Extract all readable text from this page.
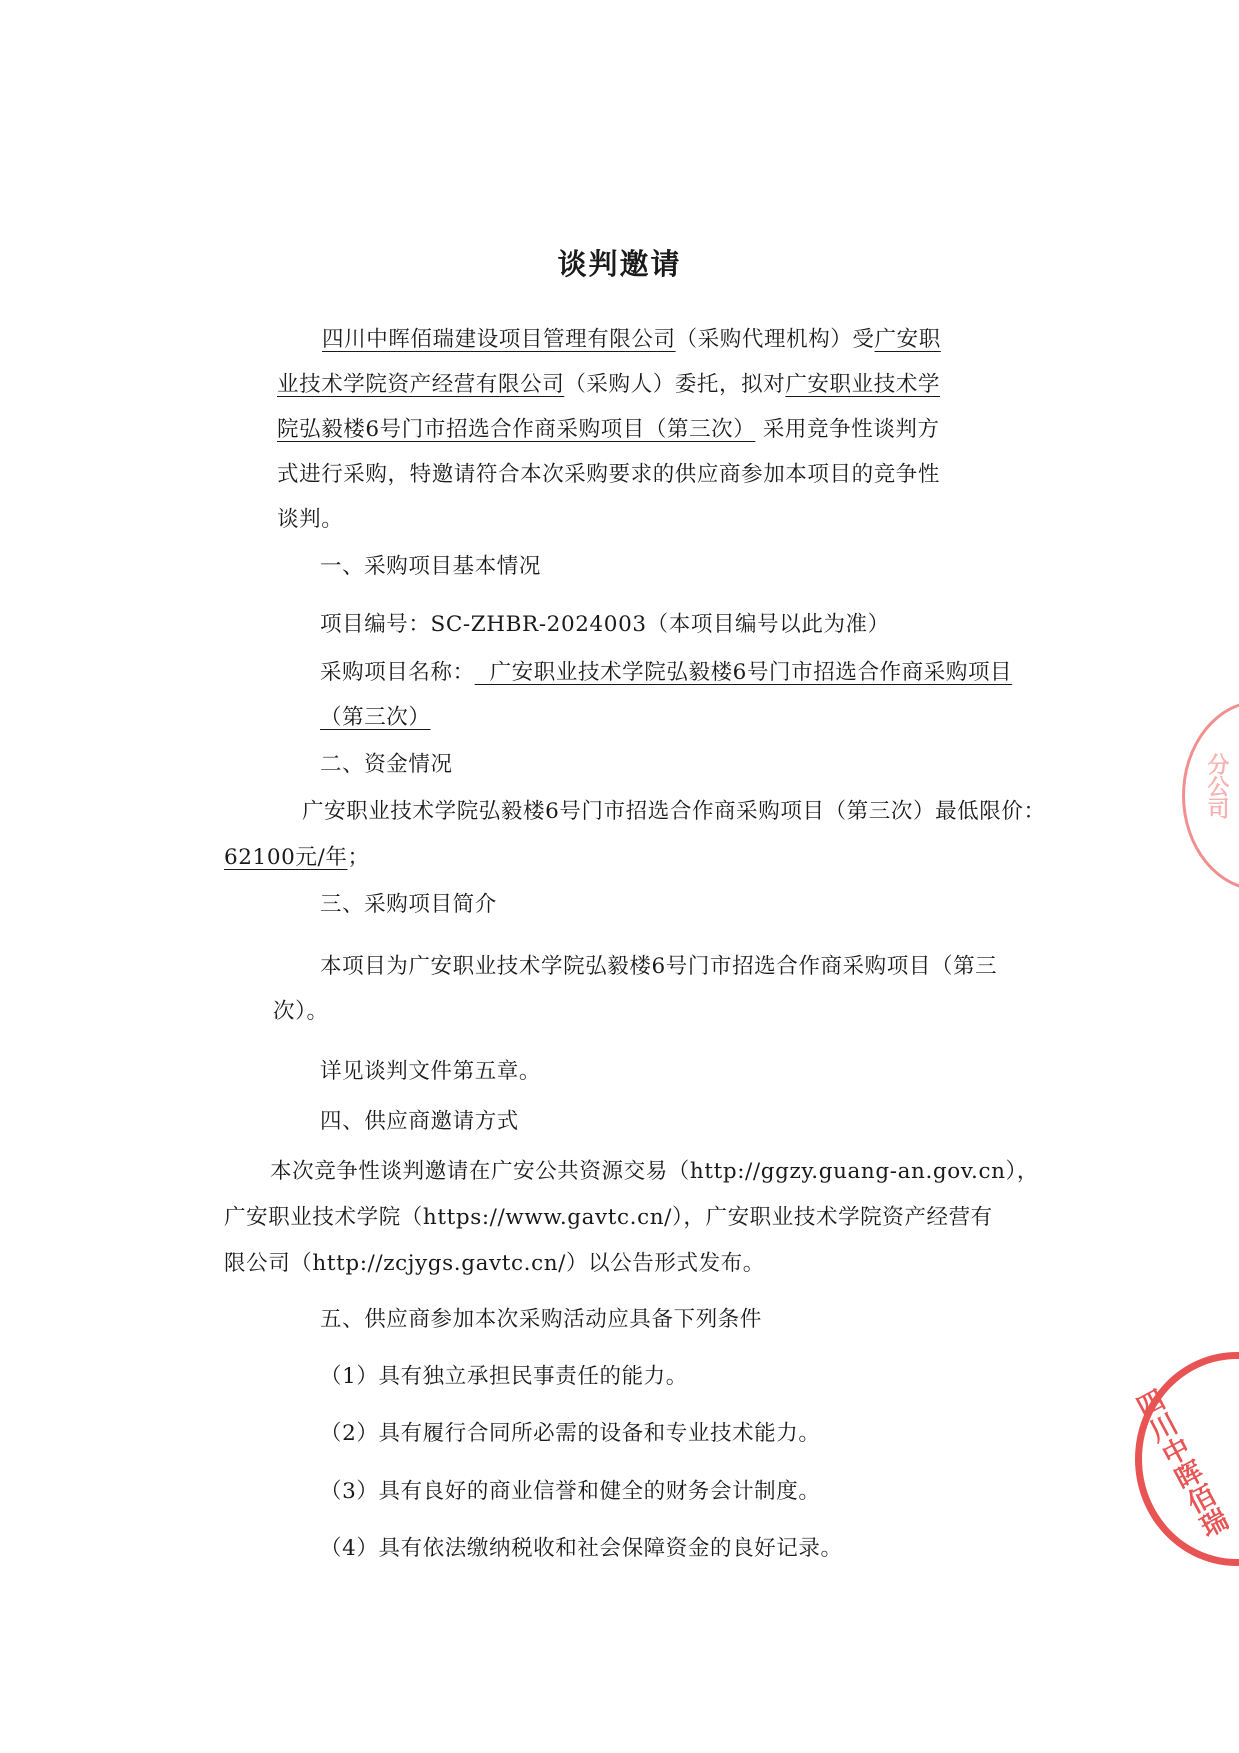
谈判邀请
四川中晖佰瑞建设项目管理有限公司（采购代理机构）受广安职
业技术学院资产经营有限公司（采购人）委托，拟对广安职业技术学
院弘毅楼6号门市招选合作商采购项目（第三次） 采用竞争性谈判方
式进行采购，特邀请符合本次采购要求的供应商参加本项目的竞争性
谈判。
一、采购项目基本情况
项目编号：SC-ZHBR-2024003（本项目编号以此为准）
采购项目名称： 广安职业技术学院弘毅楼6号门市招选合作商采购项目
（第三次）
二、资金情况
广安职业技术学院弘毅楼6号门市招选合作商采购项目（第三次）最低限价：
62100元/年；
三、采购项目简介
本项目为广安职业技术学院弘毅楼6号门市招选合作商采购项目（第三
次）。
详见谈判文件第五章。
四、供应商邀请方式
本次竞争性谈判邀请在广安公共资源交易（http://ggzy.guang-an.gov.cn），
广安职业技术学院（https://www.gavtc.cn/），广安职业技术学院资产经营有
限公司（http://zcjygs.gavtc.cn/）以公告形式发布。
五、供应商参加本次采购活动应具备下列条件
（1）具有独立承担民事责任的能力。
（2）具有履行合同所必需的设备和专业技术能力。
（3）具有良好的商业信誉和健全的财务会计制度。
（4）具有依法缴纳税收和社会保障资金的良好记录。
分公司
四川中晖佰瑞
